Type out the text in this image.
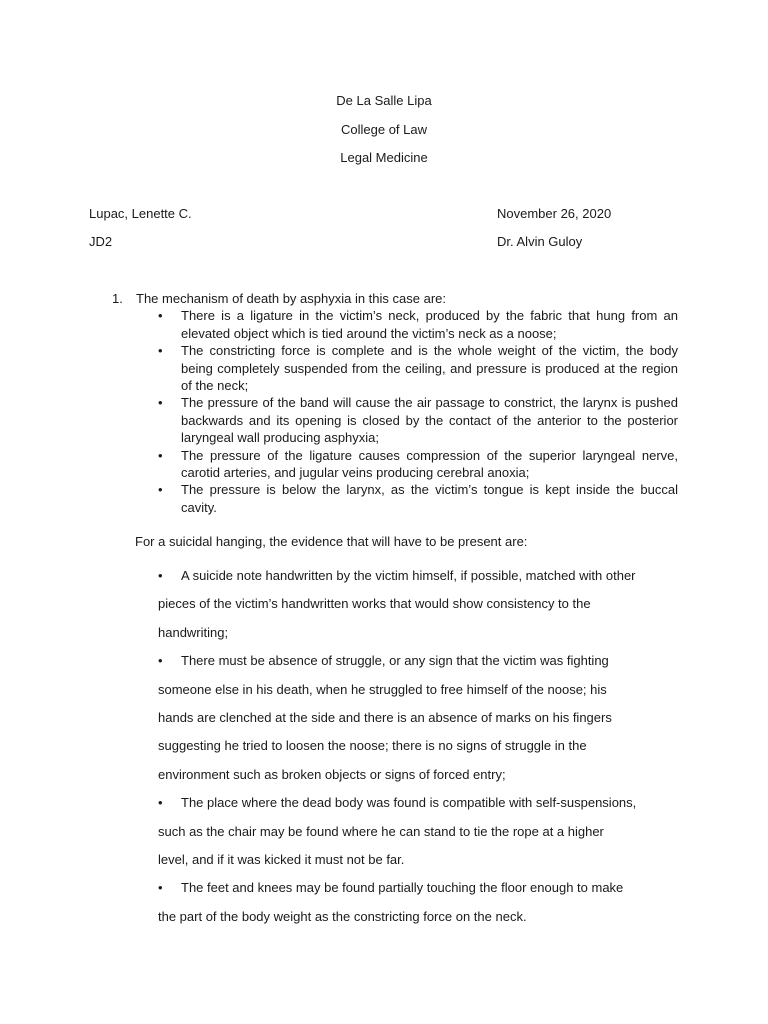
De La Salle Lipa
College of Law
Legal Medicine
Lupac, Lenette C.	November 26, 2020
JD2	Dr. Alvin Guloy
1.	The mechanism of death by asphyxia in this case are:
•	There is a ligature in the victim’s neck, produced by the fabric that hung from an elevated object which is tied around the victim’s neck as a noose;
•	The constricting force is complete and is the whole weight of the victim, the body being completely suspended from the ceiling, and pressure is produced at the region of the neck;
•	The pressure of the band will cause the air passage to constrict, the larynx is pushed backwards and its opening is closed by the contact of the anterior to the posterior laryngeal wall producing asphyxia;
•	The pressure of the ligature causes compression of the superior laryngeal nerve, carotid arteries, and jugular veins producing cerebral anoxia;
•	The pressure is below the larynx, as the victim’s tongue is kept inside the buccal cavity.
For a suicidal hanging, the evidence that will have to be present are:
• A suicide note handwritten by the victim himself, if possible, matched with other
pieces of the victim’s handwritten works that would show consistency to the
handwriting;
• There must be absence of struggle, or any sign that the victim was fighting
someone else in his death, when he struggled to free himself of the noose; his
hands are clenched at the side and there is an absence of marks on his fingers
suggesting he tried to loosen the noose; there is no signs of struggle in the
environment such as broken objects or signs of forced entry;
• The place where the dead body was found is compatible with self-suspensions,
such as the chair may be found where he can stand to tie the rope at a higher
level, and if it was kicked it must not be far.
• The feet and knees may be found partially touching the floor enough to make
the part of the body weight as the constricting force on the neck.
